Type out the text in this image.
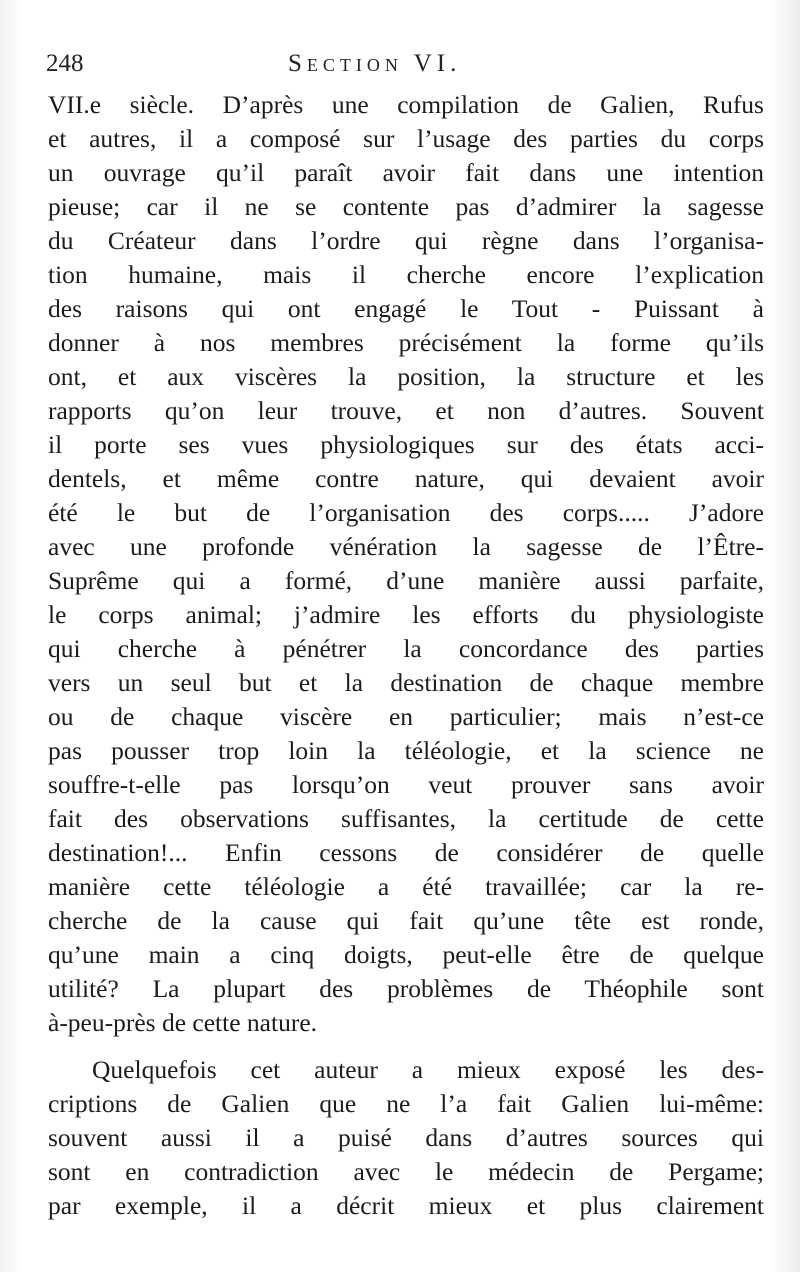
248	Section VI.
VII.e siècle. D’après une compilation de Galien, Rufus
et autres, il a composé sur l’usage des parties du corps
un ouvrage qu’il paraît avoir fait dans une intention
pieuse; car il ne se contente pas d’admirer la sagesse
du Créateur dans l’ordre qui règne dans l’organisa-
tion humaine, mais il cherche encore l’explication
des raisons qui ont engagé le Tout - Puissant à
donner à nos membres précisément la forme qu’ils
ont, et aux viscères la position, la structure et les
rapports qu’on leur trouve, et non d’autres. Souvent
il porte ses vues physiologiques sur des états acci-
dentels, et même contre nature, qui devaient avoir
été le but de l’organisation des corps..... J’adore
avec une profonde vénération la sagesse de l’Être-
Suprême qui a formé, d’une manière aussi parfaite,
le corps animal; j’admire les efforts du physiologiste
qui cherche à pénétrer la concordance des parties
vers un seul but et la destination de chaque membre
ou de chaque viscère en particulier; mais n’est-ce
pas pousser trop loin la téléologie, et la science ne
souffre-t-elle pas lorsqu’on veut prouver sans avoir
fait des observations suffisantes, la certitude de cette
destination!... Enfin cessons de considérer de quelle
manière cette téléologie a été travaillée; car la re-
cherche de la cause qui fait qu’une tête est ronde,
qu’une main a cinq doigts, peut-elle être de quelque
utilité? La plupart des problèmes de Théophile sont
à-peu-près de cette nature.
Quelquefois cet auteur a mieux exposé les des-
criptions de Galien que ne l’a fait Galien lui-même:
souvent aussi il a puisé dans d’autres sources qui
sont en contradiction avec le médecin de Pergame;
par exemple, il a décrit mieux et plus clairement
